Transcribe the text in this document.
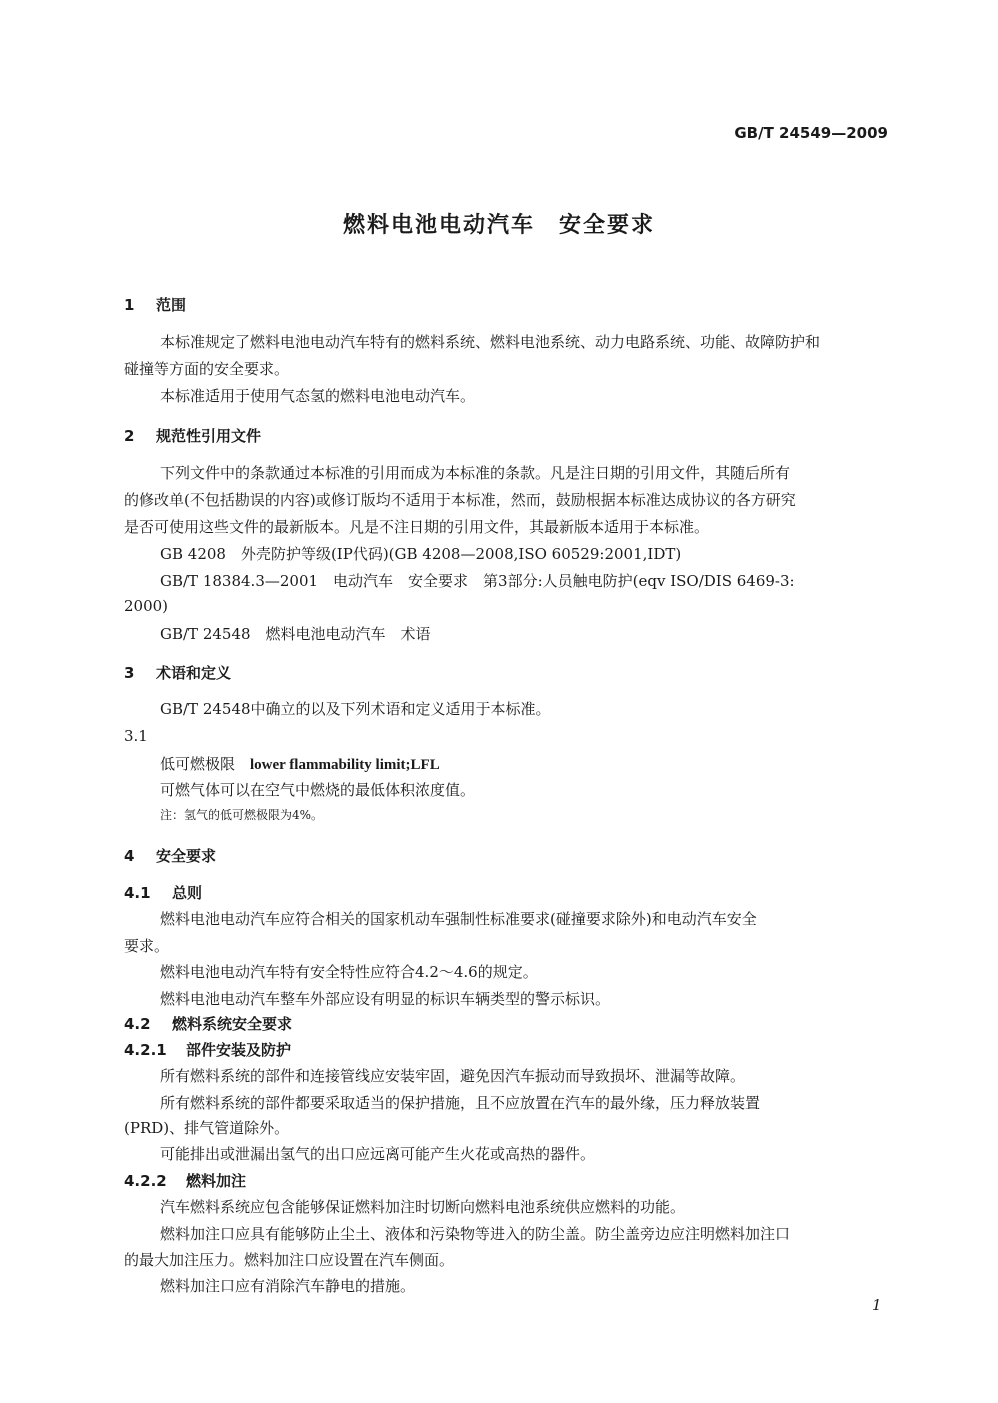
GB/T 24549—2009
燃料电池电动汽车　安全要求
1 范围
本标准规定了燃料电池电动汽车特有的燃料系统、燃料电池系统、动力电路系统、功能、故障防护和
碰撞等方面的安全要求。
本标准适用于使用气态氢的燃料电池电动汽车。
2 规范性引用文件
下列文件中的条款通过本标准的引用而成为本标准的条款。凡是注日期的引用文件，其随后所有
的修改单(不包括勘误的内容)或修订版均不适用于本标准，然而，鼓励根据本标准达成协议的各方研究
是否可使用这些文件的最新版本。凡是不注日期的引用文件，其最新版本适用于本标准。
GB 4208　外壳防护等级(IP代码)(GB 4208—2008,ISO 60529:2001,IDT)
GB/T 18384.3—2001　电动汽车　安全要求　第3部分:人员触电防护(eqv ISO/DIS 6469-3:
2000)
GB/T 24548　燃料电池电动汽车　术语
3 术语和定义
GB/T 24548中确立的以及下列术语和定义适用于本标准。
3.1
低可燃极限　lower flammability limit;LFL
可燃气体可以在空气中燃烧的最低体积浓度值。
注：氢气的低可燃极限为4%。
4 安全要求
4.1 总则
燃料电池电动汽车应符合相关的国家机动车强制性标准要求(碰撞要求除外)和电动汽车安全
要求。
燃料电池电动汽车特有安全特性应符合4.2～4.6的规定。
燃料电池电动汽车整车外部应设有明显的标识车辆类型的警示标识。
4.2 燃料系统安全要求
4.2.1 部件安装及防护
所有燃料系统的部件和连接管线应安装牢固，避免因汽车振动而导致损坏、泄漏等故障。
所有燃料系统的部件都要采取适当的保护措施，且不应放置在汽车的最外缘，压力释放装置
(PRD)、排气管道除外。
可能排出或泄漏出氢气的出口应远离可能产生火花或高热的器件。
4.2.2 燃料加注
汽车燃料系统应包含能够保证燃料加注时切断向燃料电池系统供应燃料的功能。
燃料加注口应具有能够防止尘土、液体和污染物等进入的防尘盖。防尘盖旁边应注明燃料加注口
的最大加注压力。燃料加注口应设置在汽车侧面。
燃料加注口应有消除汽车静电的措施。
1
